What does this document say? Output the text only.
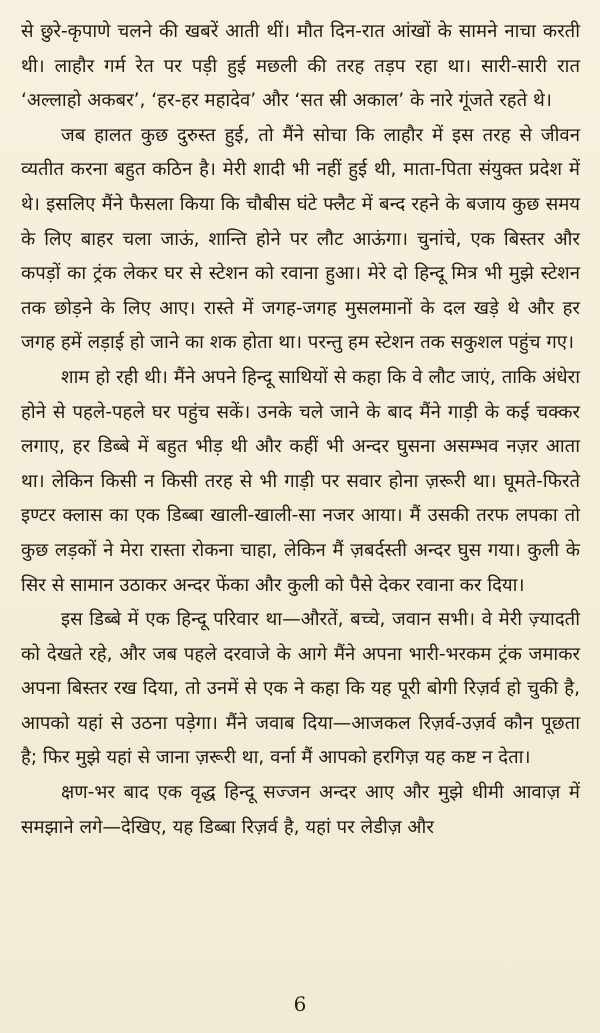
से छुरे-कृपाणे चलने की खबरें आती थीं। मौत दिन-रात आंखों के सामने नाचा करती थी। लाहौर गर्म रेत पर पड़ी हुई मछली की तरह तड़प रहा था। सारी-सारी रात ‘अल्लाहो अकबर’, ‘हर-हर महादेव’ और ‘सत स्री अकाल’ के नारे गूंजते रहते थे।

जब हालत कुछ दुरुस्त हुई, तो मैंने सोचा कि लाहौर में इस तरह से जीवन व्यतीत करना बहुत कठिन है। मेरी शादी भी नहीं हुई थी, माता-पिता संयुक्त प्रदेश में थे। इसलिए मैंने फैसला किया कि चौबीस घंटे फ्लैट में बन्द रहने के बजाय कुछ समय के लिए बाहर चला जाऊं, शान्ति होने पर लौट आऊंगा। चुनांचे, एक बिस्तर और कपड़ों का ट्रंक लेकर घर से स्टेशन को रवाना हुआ। मेरे दो हिन्दू मित्र भी मुझे स्टेशन तक छोड़ने के लिए आए। रास्ते में जगह-जगह मुसलमानों के दल खड़े थे और हर जगह हमें लड़ाई हो जाने का शक होता था। परन्तु हम स्टेशन तक सकुशल पहुंच गए।

शाम हो रही थी। मैंने अपने हिन्दू साथियों से कहा कि वे लौट जाएं, ताकि अंधेरा होने से पहले-पहले घर पहुंच सकें। उनके चले जाने के बाद मैंने गाड़ी के कई चक्कर लगाए, हर डिब्बे में बहुत भीड़ थी और कहीं भी अन्दर घुसना असम्भव नज़र आता था। लेकिन किसी न किसी तरह से भी गाड़ी पर सवार होना ज़रूरी था। घूमते-फिरते इण्टर क्लास का एक डिब्बा खाली-खाली-सा नजर आया। मैं उसकी तरफ लपका तो कुछ लड़कों ने मेरा रास्ता रोकना चाहा, लेकिन मैं ज़बर्दस्ती अन्दर घुस गया। कुली के सिर से सामान उठाकर अन्दर फेंका और कुली को पैसे देकर रवाना कर दिया।

इस डिब्बे में एक हिन्दू परिवार था—औरतें, बच्चे, जवान सभी। वे मेरी ज़्यादती को देखते रहे, और जब पहले दरवाजे के आगे मैंने अपना भारी-भरकम ट्रंक जमाकर अपना बिस्तर रख दिया, तो उनमें से एक ने कहा कि यह पूरी बोगी रिज़र्व हो चुकी है, आपको यहां से उठना पड़ेगा। मैंने जवाब दिया—आजकल रिज़र्व-उज़र्व कौन पूछता है; फिर मुझे यहां से जाना ज़रूरी था, वर्ना मैं आपको हरगिज़ यह कष्ट न देता।

क्षण-भर बाद एक वृद्ध हिन्दू सज्जन अन्दर आए और मुझे धीमी आवाज़ में समझाने लगे—देखिए, यह डिब्बा रिज़र्व है, यहां पर लेडीज़ और

6
